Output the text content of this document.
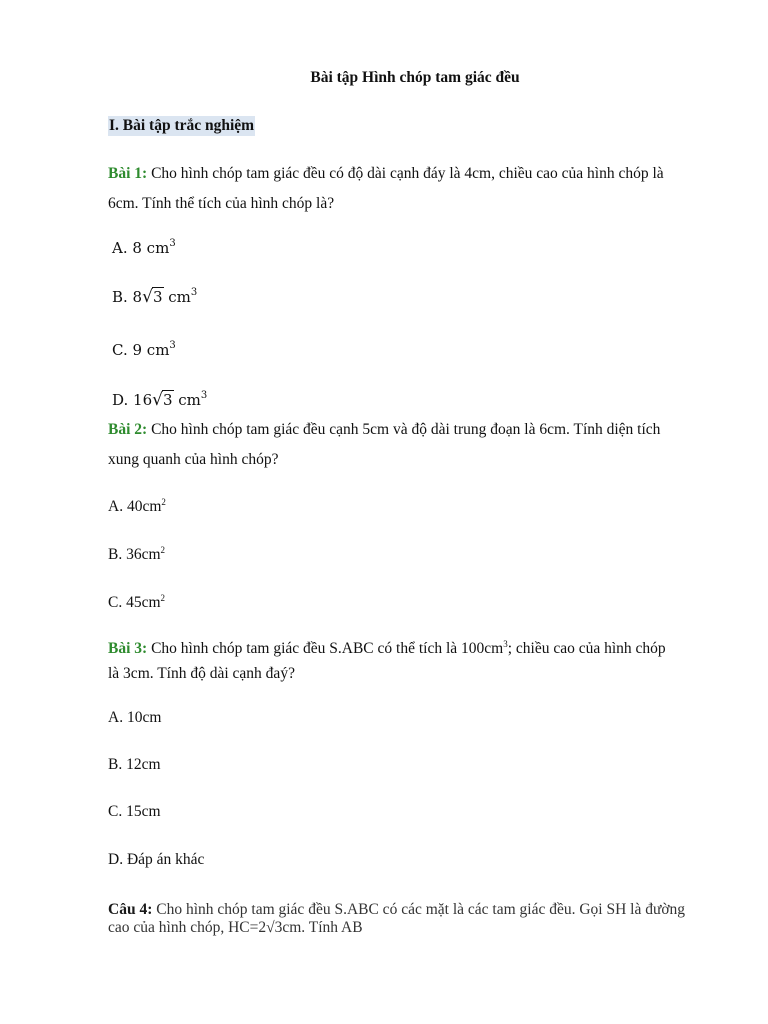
Bài tập Hình chóp tam giác đều
I. Bài tập trắc nghiệm
Bài 1: Cho hình chóp tam giác đều có độ dài cạnh đáy là 4cm, chiều cao của hình chóp là
6cm. Tính thể tích của hình chóp là?
A. 8 $cm^3$
B. 8√3 $cm^3$
C. 9 $cm^3$
D. 16√3 $cm^3$
Bài 2: Cho hình chóp tam giác đều cạnh 5cm và độ dài trung đoạn là 6cm. Tính diện tích
xung quanh của hình chóp?
A. $40cm^2$
B. $36cm^2$
C. $45cm^2$
Bài 3: Cho hình chóp tam giác đều S.ABC có thể tích là $100cm^3$; chiều cao của hình chóp
là 3cm. Tính độ dài cạnh đaý?
A. 10cm
B. 12cm
C. 15cm
D. Đáp án khác
Câu 4: Cho hình chóp tam giác đều S.ABC có các mặt là các tam giác đều. Gọi SH là đường
cao của hình chóp, HC=2√3cm. Tính AB
